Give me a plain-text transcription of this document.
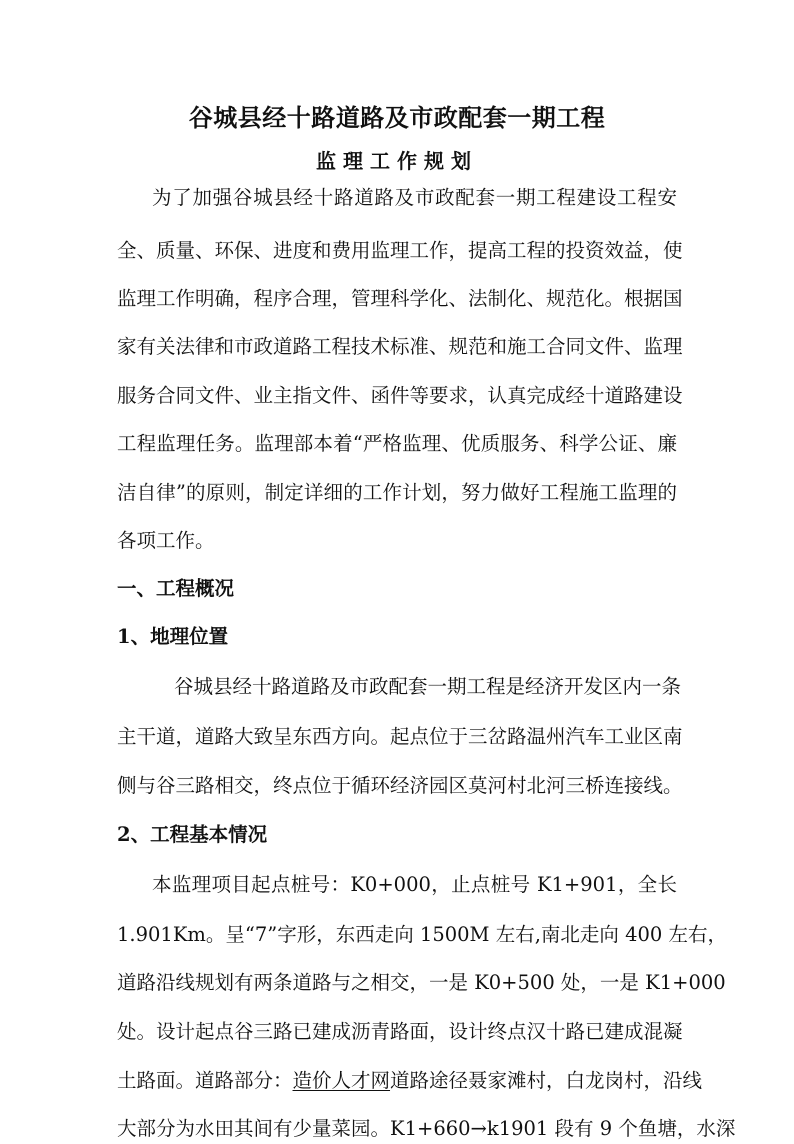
谷城县经十路道路及市政配套一期工程
监理工作规划
为了加强谷城县经十路道路及市政配套一期工程建设工程安
全、质量、环保、进度和费用监理工作，提高工程的投资效益，使
监理工作明确，程序合理，管理科学化、法制化、规范化。根据国
家有关法律和市政道路工程技术标准、规范和施工合同文件、监理
服务合同文件、业主指文件、函件等要求，认真完成经十道路建设
工程监理任务。监理部本着“严格监理、优质服务、科学公证、廉
洁自律”的原则，制定详细的工作计划，努力做好工程施工监理的
各项工作。
一、工程概况
1、地理位置
谷城县经十路道路及市政配套一期工程是经济开发区内一条
主干道，道路大致呈东西方向。起点位于三岔路温州汽车工业区南
侧与谷三路相交，终点位于循环经济园区莫河村北河三桥连接线。
2、工程基本情况
本监理项目起点桩号：K0+000，止点桩号 K1+901，全长
1.901Km。呈“7”字形，东西走向 1500M 左右,南北走向 400 左右，
道路沿线规划有两条道路与之相交，一是 K0+500 处，一是 K1+000
处。设计起点谷三路已建成沥青路面，设计终点汉十路已建成混凝
土路面。道路部分：造价人才网道路途径聂家滩村，白龙岗村，沿线
大部分为水田其间有少量菜园。K1+660→k1901 段有 9 个鱼塘，水深
